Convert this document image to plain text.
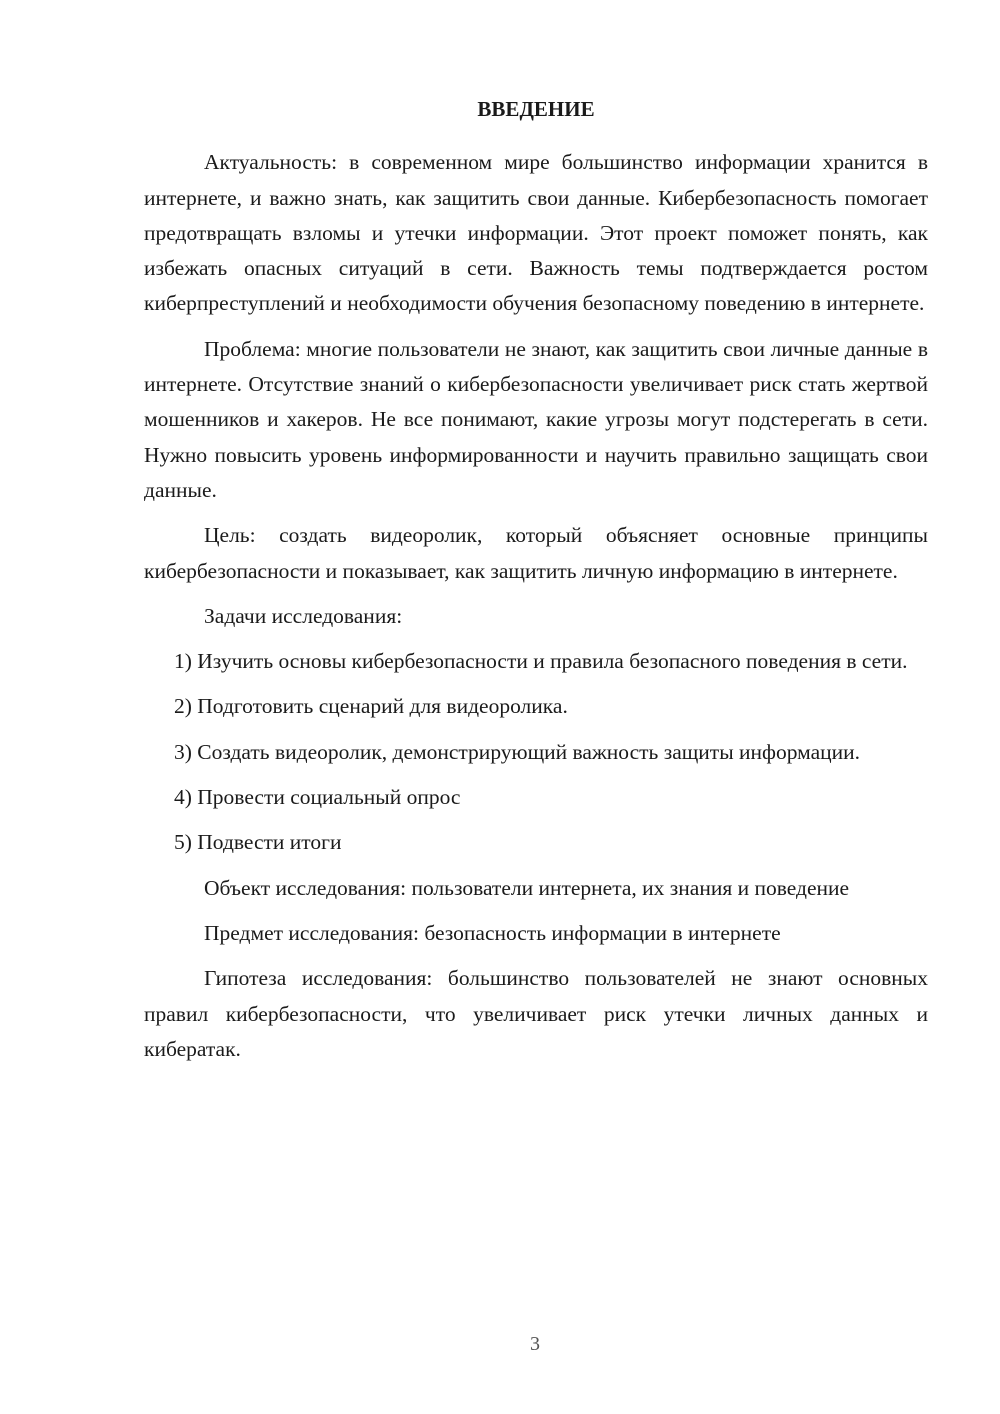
ВВЕДЕНИЕ
Актуальность: в современном мире большинство информации хранится в интернете, и важно знать, как защитить свои данные. Кибербезопасность помогает предотвращать взломы и утечки информации. Этот проект поможет понять, как избежать опасных ситуаций в сети. Важность темы подтверждается ростом киберпреступлений и необходимости обучения безопасному поведению в интернете.
Проблема: многие пользователи не знают, как защитить свои личные данные в интернете. Отсутствие знаний о кибербезопасности увеличивает риск стать жертвой мошенников и хакеров. Не все понимают, какие угрозы могут подстерегать в сети. Нужно повысить уровень информированности и научить правильно защищать свои данные.
Цель: создать видеоролик, который объясняет основные принципы кибербезопасности и показывает, как защитить личную информацию в интернете.
Задачи исследования:
1) Изучить основы кибербезопасности и правила безопасного поведения в сети.
2) Подготовить сценарий для видеоролика.
3) Создать видеоролик, демонстрирующий важность защиты информации.
4) Провести социальный опрос
5) Подвести итоги
Объект исследования: пользователи интернета, их знания и поведение
Предмет исследования: безопасность информации в интернете
Гипотеза исследования: большинство пользователей не знают основных правил кибербезопасности, что увеличивает риск утечки личных данных и кибератак.
3
